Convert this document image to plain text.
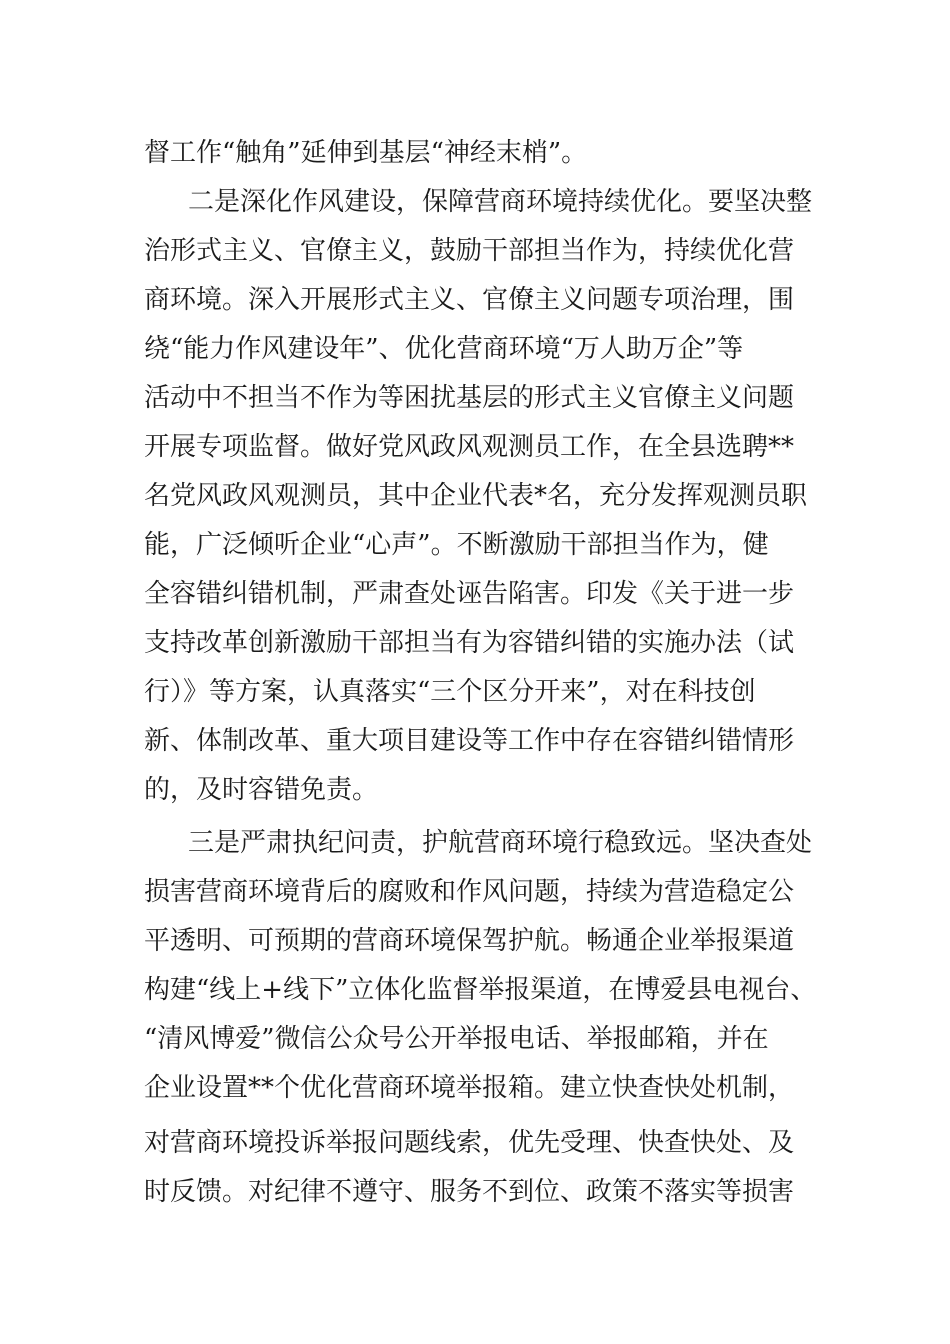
督工作“触角”延伸到基层“神经末梢”。
二是深化作风建设，保障营商环境持续优化。要坚决整
治形式主义、官僚主义，鼓励干部担当作为，持续优化营
商环境。深入开展形式主义、官僚主义问题专项治理，围
绕“能力作风建设年”、优化营商环境“万人助万企”等
活动中不担当不作为等困扰基层的形式主义官僚主义问题
开展专项监督。做好党风政风观测员工作，在全县选聘**
名党风政风观测员，其中企业代表*名，充分发挥观测员职
能，广泛倾听企业“心声”。不断激励干部担当作为，健
全容错纠错机制，严肃查处诬告陷害。印发《关于进一步
支持改革创新激励干部担当有为容错纠错的实施办法（试
行）》等方案，认真落实“三个区分开来”，对在科技创
新、体制改革、重大项目建设等工作中存在容错纠错情形
的，及时容错免责。
三是严肃执纪问责，护航营商环境行稳致远。坚决查处
损害营商环境背后的腐败和作风问题，持续为营造稳定公
平透明、可预期的营商环境保驾护航。畅通企业举报渠道
构建“线上+线下”立体化监督举报渠道，在博爱县电视台、
“清风博爱”微信公众号公开举报电话、举报邮箱，并在
企业设置**个优化营商环境举报箱。建立快查快处机制，
对营商环境投诉举报问题线索，优先受理、快查快处、及
时反馈。对纪律不遵守、服务不到位、政策不落实等损害
